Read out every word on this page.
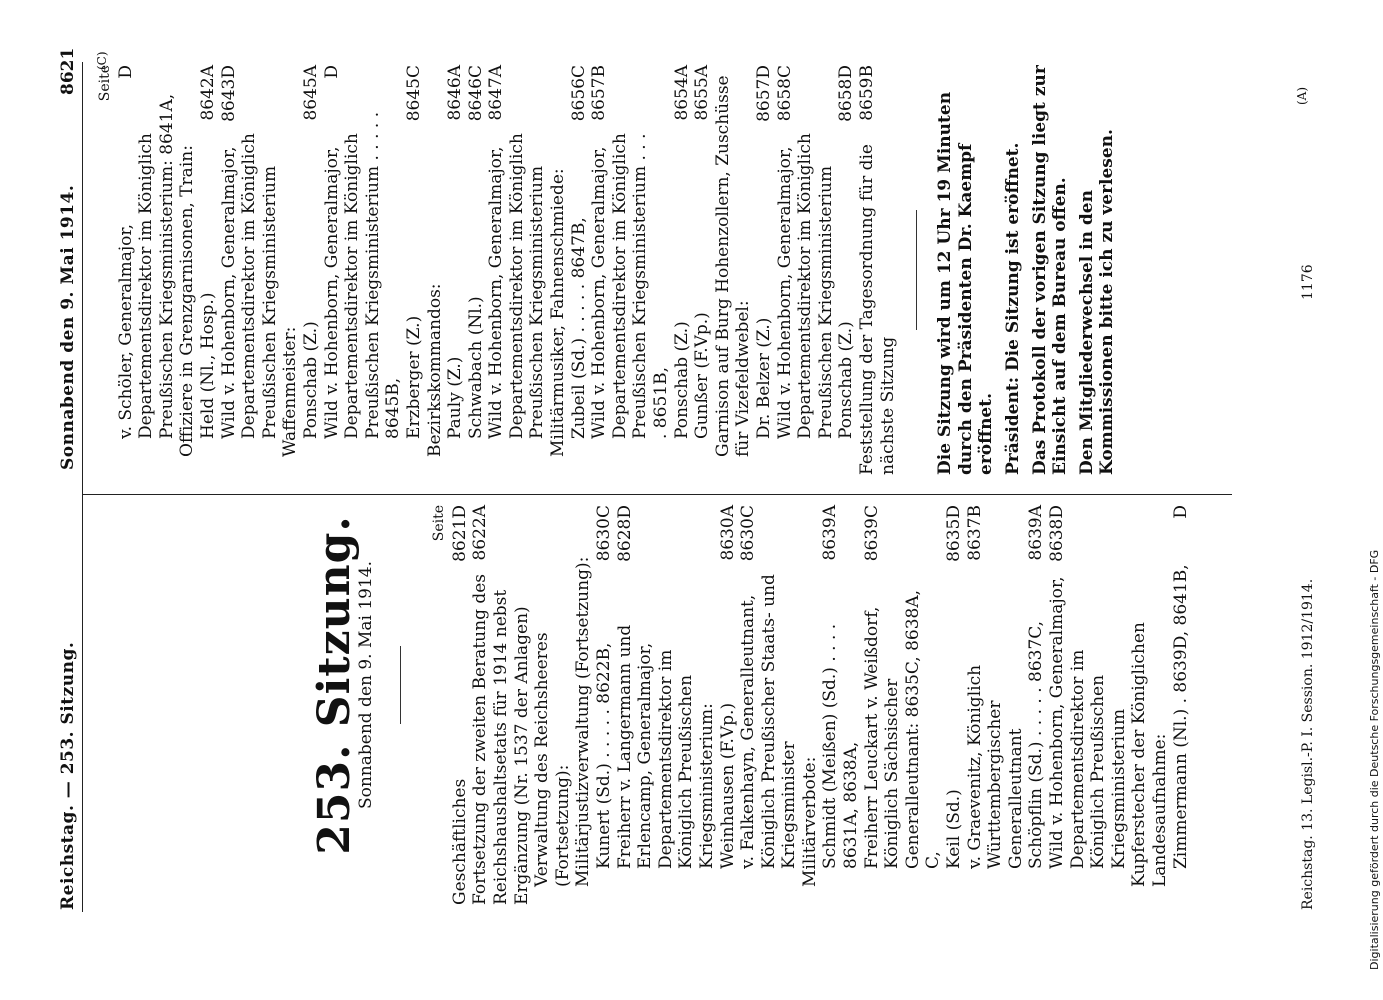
Reichstag. — 253. Sitzung.
Sonnabend den 9. Mai 1914.
8621
(A)
(C)
253. Sitzung.
Sonnabend den 9. Mai 1914.
Seite
Geschäftliches
8621D
Fortsetzung der zweiten Beratung des Reichshaushaltsetats für 1914 nebst Ergänzung (Nr. 1537 der Anlagen)
8622A
Verwaltung des Reichsheeres (Fortsetzung): Militärjustizverwaltung (Fortsetzung): Kunert (Sd.) . . . . . 8622B,
8630C
Freiherr v. Langermann und Erlencamp, Generalmajor, Departementsdirektor im Königlich Preußischen Kriegsministerium:
8628D
Weinhausen (F.Vp.)
8630A
v. Falkenhayn, Generalleutnant, Königlich Preußischer Staats- und Kriegsminister
8630C
Militärverbote: Schmidt (Meißen) (Sd.) . . . . 8631A, 8638A,
8639A
Freiherr Leuckart v. Weißdorf, Königlich Sächsischer Generalleutnant: 8635C, 8638A, C,
8639C
Keil (Sd.)
8635D
v. Graevenitz, Königlich Württembergischer Generalleutnant
8637B
Schöpflin (Sd.) . . . . . 8637C,
8639A
Wild v. Hohenborn, Generalmajor, Departementsdirektor im Königlich Preußischen Kriegsministerium
8638D
Kupferstecher der Königlichen Landesaufnahme: Zimmermann (Nl.) . 8639D, 8641B,
D
Seite
v. Schöler, Generalmajor, Departementsdirektor im Königlich Preußischen Kriegsministerium: 8641A,
D
Offiziere in Grenzgarnisonen, Train: Held (Nl., Hosp.)
8642A
Wild v. Hohenborn, Generalmajor, Departementsdirektor im Königlich Preußischen Kriegsministerium
8643D
Waffenmeister: Ponschab (Z.)
8645A
Wild v. Hohenborn, Generalmajor, Departementsdirektor im Königlich Preußischen Kriegsministerium . . . . . 8645B,
D
Erzberger (Z.)
8645C
Bezirkskommandos: Pauly (Z.)
8646A
Schwabach (Nl.)
8646C
Wild v. Hohenborn, Generalmajor, Departementsdirektor im Königlich Preußischen Kriegsministerium
8647A
Militärmusiker, Fahnenschmiede: Zubeil (Sd.) . . . . . 8647B,
8656C
Wild v. Hohenborn, Generalmajor, Departementsdirektor im Königlich Preußischen Kriegsministerium . . . . 8651B,
8657B
Ponschab (Z.)
8654A
Gunßer (F.Vp.)
8655A Garnison auf Burg Hohenzollern, Zuschüsse für Vizefeldwebel: Dr. Belzer (Z.)
8657D
Wild v. Hohenborn, Generalmajor, Departementsdirektor im Königlich Preußischen Kriegsministerium
8658C
Ponschab (Z.)
8658D
Feststellung der Tagesordnung für die nächste Sitzung
8659B	Die Sitzung wird um 12 Uhr 19 Minuten durch den Präsidenten Dr. Kaempf eröffnet. Präsident: Die Sitzung ist eröffnet. Das Protokoll der vorigen Sitzung liegt zur Einsicht auf dem Bureau offen. Den Mitgliederwechsel in den Kommissionen bitte ich zu verlesen.
Reichstag. 13. Legisl.-P. I. Session. 1912/1914.
1176
Digitalisierung gefördert durch die Deutsche Forschungsgemeinschaft - DFG
